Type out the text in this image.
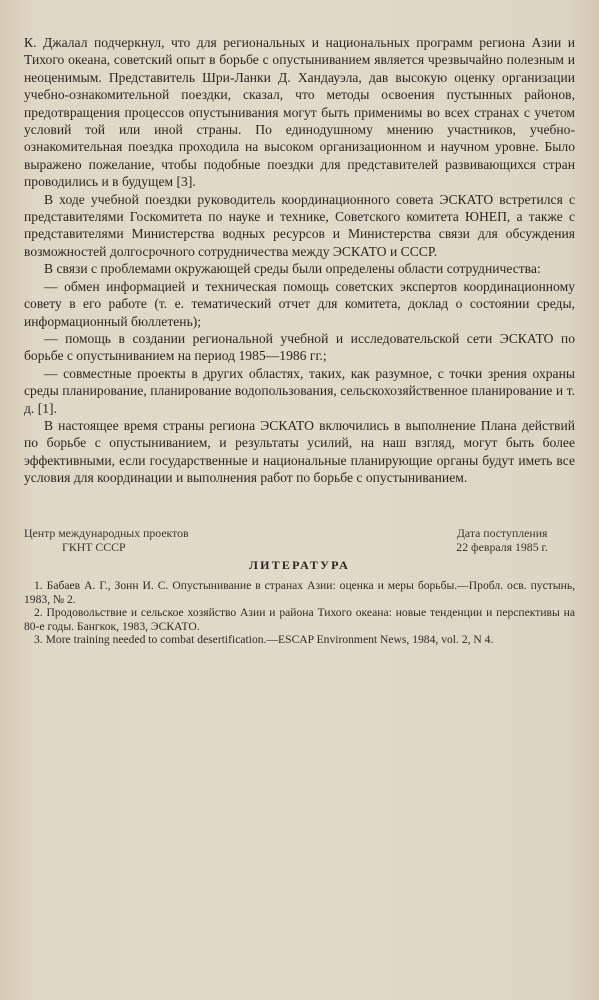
К. Джалал подчеркнул, что для региональных и национальных программ региона Азии и Тихого океана, советский опыт в борьбе с опустыниванием является чрезвычайно полезным и неоценимым. Представитель Шри-Ланки Д. Хандауэла, дав высокую оценку организации учебно-ознакомительной поездки, сказал, что методы освоения пустынных районов, предотвращения процессов опустынивания могут быть применимы во всех странах с учетом условий той или иной страны. По единодушному мнению участников, учебно-ознакомительная поездка проходила на высоком организационном и научном уровне. Было выражено пожелание, чтобы подобные поездки для представителей развивающихся стран проводились и в будущем [3].

В ходе учебной поездки руководитель координационного совета ЭСКАТО встретился с представителями Госкомитета по науке и технике, Советского комитета ЮНЕП, а также с представителями Министерства водных ресурсов и Министерства связи для обсуждения возможностей долгосрочного сотрудничества между ЭСКАТО и СССР.

В связи с проблемами окружающей среды были определены области сотрудничества:

— обмен информацией и техническая помощь советских экспертов координационному совету в его работе (т. е. тематический отчет для комитета, доклад о состоянии среды, информационный бюллетень);

— помощь в создании региональной учебной и исследовательской сети ЭСКАТО по борьбе с опустыниванием на период 1985—1986 гг.;

— совместные проекты в других областях, таких, как разумное, с точки зрения охраны среды планирование, планирование водопользования, сельскохозяйственное планирование и т. д. [1].

В настоящее время страны региона ЭСКАТО включились в выполнение Плана действий по борьбе с опустыниванием, и результаты усилий, на наш взгляд, могут быть более эффективными, если государственные и национальные планирующие органы будут иметь все условия для координации и выполнения работ по борьбе с опустыниванием.

Центр международных проектов
ГКНТ СССР
Дата поступления
22 февраля 1985 г.
ЛИТЕРАТУРА

1. Бабаев А. Г., Зонн И. С. Опустынивание в странах Азии: оценка и меры борьбы.—Пробл. осв. пустынь, 1983, № 2.

2. Продовольствие и сельское хозяйство Азии и района Тихого океана: новые тенденции и перспективы на 80-е годы. Бангкок, 1983, ЭСКАТО.

3. More training needed to combat desertification.—ESCAP Environment News, 1984, vol. 2, N 4.
